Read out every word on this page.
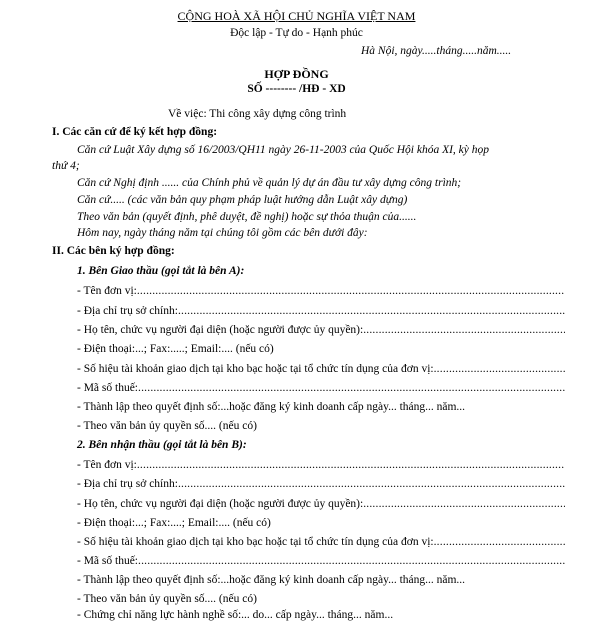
CỘNG HOÀ XÃ HỘI CHỦ NGHĨA VIỆT NAM
Độc lập - Tự do - Hạnh phúc
Hà Nội, ngày.....tháng.....năm.....
HỢP ĐỒNG
SỐ -------- /HĐ - XD
Về việc: Thi công xây dựng công trình
I. Các căn cứ để ký kết hợp đồng:
Căn cứ Luật Xây dựng số 16/2003/QH11 ngày 26-11-2003 của Quốc Hội khóa XI, kỳ họp
thứ 4;
Căn cứ Nghị định ...... của Chính phủ về quản lý dự án đầu tư xây dựng công trình;
Căn cứ..... (các văn bản quy phạm pháp luật hướng dẫn Luật xây dựng)
Theo văn bản (quyết định, phê duyệt, đề nghị) hoặc sự thỏa thuận của......
Hôm nay, ngày tháng năm tại chúng tôi gồm các bên dưới đây:
II. Các bên ký hợp đồng:
1. Bên Giao thầu (gọi tắt là bên A):
- Tên đơn vị:
.....
- Địa chỉ trụ sở chính:
.....
- Họ tên, chức vụ người đại diện (hoặc người được ủy quyền):
.....
- Điện thoại:...; Fax:.....; Email:.... (nếu có)
- Số hiệu tài khoản giao dịch tại kho bạc hoặc tại tổ chức tín dụng của đơn vị:
.....
- Mã số thuế:
.....
- Thành lập theo quyết định số:...hoặc đăng ký kinh doanh cấp ngày... tháng... năm...
- Theo văn bản ủy quyền số.... (nếu có)
2. Bên nhận thầu (gọi tắt là bên B):
- Tên đơn vị:
.....
- Địa chỉ trụ sở chính:
.....
- Họ tên, chức vụ người đại diện (hoặc người được ủy quyền):
.....
- Điện thoại:...; Fax:....; Email:.... (nếu có)
- Số hiệu tài khoản giao dịch tại kho bạc hoặc tại tổ chức tín dụng của đơn vị:
.....
- Mã số thuế:
.....
- Thành lập theo quyết định số:...hoặc đăng ký kinh doanh cấp ngày... tháng... năm...
- Theo văn bản ủy quyền số.... (nếu có)
- Chứng chỉ năng lực hành nghề số:... do... cấp ngày... tháng... năm...
